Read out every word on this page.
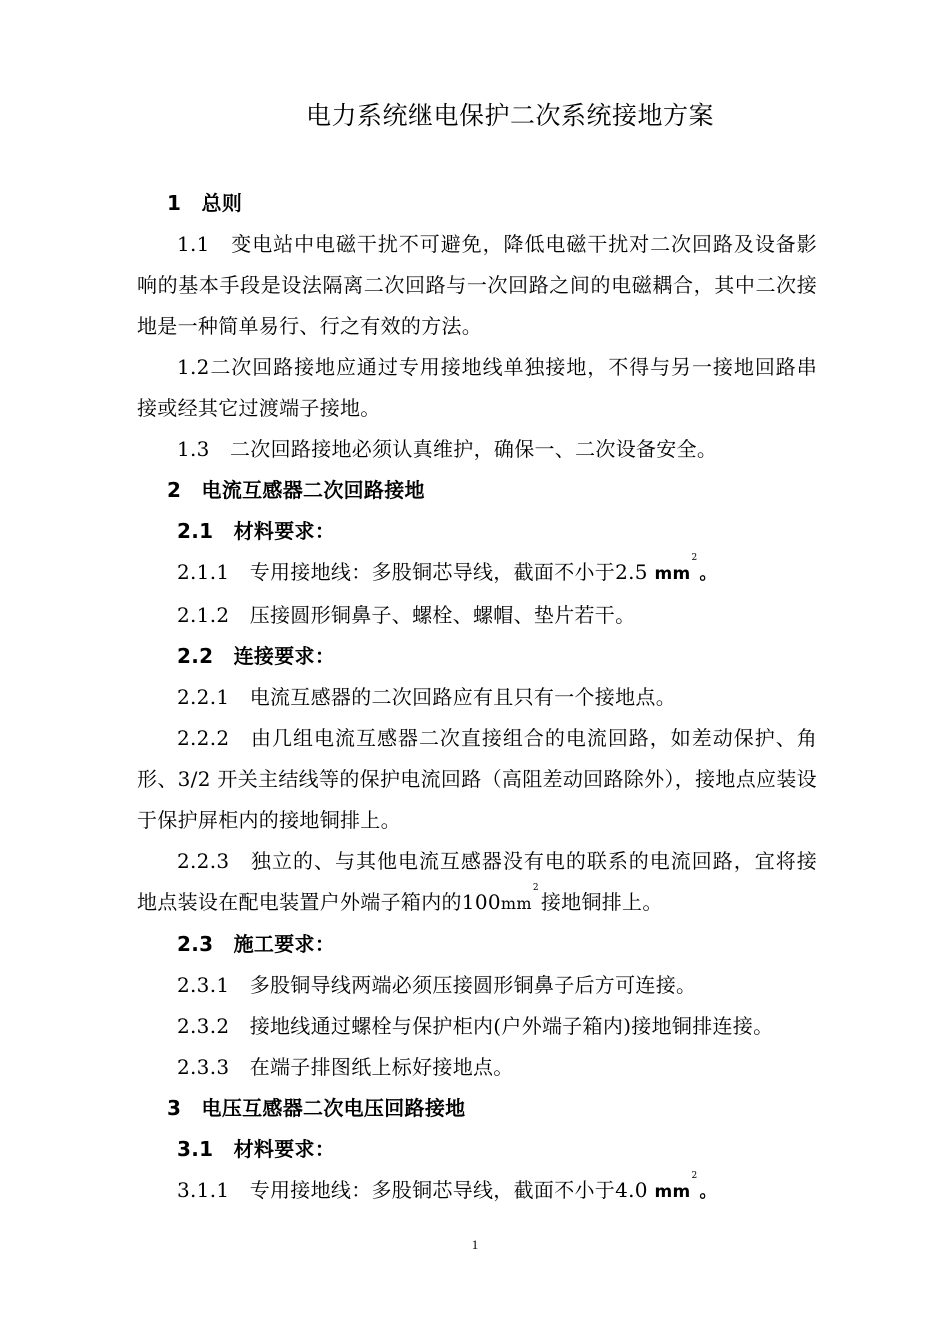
电力系统继电保护二次系统接地方案

1　总则

1.1　变电站中电磁干扰不可避免，降低电磁干扰对二次回路及设备影响的基本手段是设法隔离二次回路与一次回路之间的电磁耦合，其中二次接地是一种简单易行、行之有效的方法。

1.2二次回路接地应通过专用接地线单独接地，不得与另一接地回路串接或经其它过渡端子接地。

1.3　二次回路接地必须认真维护，确保一、二次设备安全。

2　电流互感器二次回路接地

2.1　材料要求：

2.1.1　专用接地线：多股铜芯导线，截面不小于2.5 $mm^2$。

2.1.2　压接圆形铜鼻子、螺栓、螺帽、垫片若干。

2.2　连接要求：

2.2.1　电流互感器的二次回路应有且只有一个接地点。

2.2.2　由几组电流互感器二次直接组合的电流回路，如差动保护、角形、3/2 开关主结线等的保护电流回路（高阻差动回路除外），接地点应装设于保护屏柜内的接地铜排上。

2.2.3　独立的、与其他电流互感器没有电的联系的电流回路，宜将接地点装设在配电装置户外端子箱内的$100mm^2$接地铜排上。

2.3　施工要求：

2.3.1　多股铜导线两端必须压接圆形铜鼻子后方可连接。

2.3.2　接地线通过螺栓与保护柜内(户外端子箱内)接地铜排连接。

2.3.3　在端子排图纸上标好接地点。

3　电压互感器二次电压回路接地

3.1　材料要求：

3.1.1　专用接地线：多股铜芯导线，截面不小于4.0 $mm^2$。

1
